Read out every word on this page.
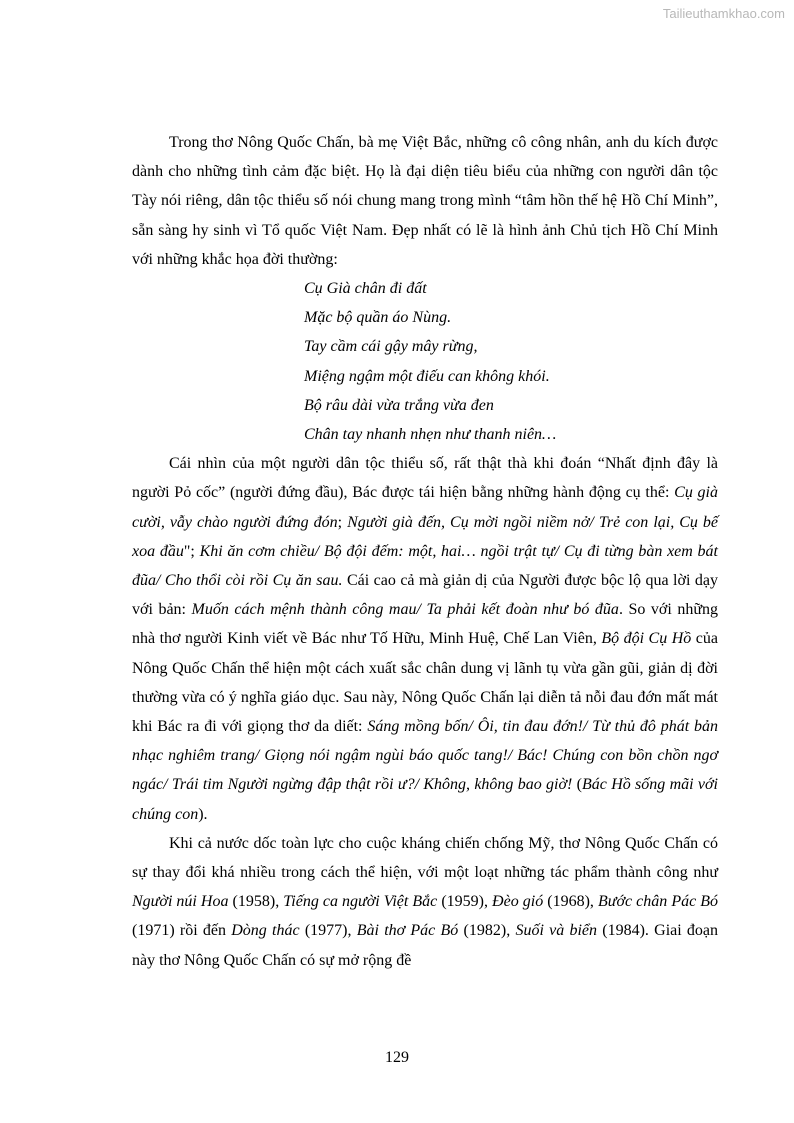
Tailieuthamkhao.com

Trong thơ Nông Quốc Chấn, bà mẹ Việt Bắc, những cô công nhân, anh du kích được dành cho những tình cảm đặc biệt. Họ là đại diện tiêu biểu của những con người dân tộc Tày nói riêng, dân tộc thiểu số nói chung mang trong mình “tâm hồn thế hệ Hồ Chí Minh”, sẵn sàng hy sinh vì Tổ quốc Việt Nam. Đẹp nhất có lẽ là hình ảnh Chủ tịch Hồ Chí Minh với những khắc họa đời thường:

Cụ Già chân đi đất
Mặc bộ quần áo Nùng.
Tay cầm cái gậy mây rừng,
Miệng ngậm một điếu can không khói.
Bộ râu dài vừa trắng vừa đen
Chân tay nhanh nhẹn như thanh niên…

Cái nhìn của một người dân tộc thiểu số, rất thật thà khi đoán “Nhất định đây là người Pỏ cốc” (người đứng đầu), Bác được tái hiện bằng những hành động cụ thể: Cụ già cười, vẫy chào người đứng đón; Người già đến, Cụ mời ngồi niềm nở/ Trẻ con lại, Cụ bế xoa đầu"; Khi ăn cơm chiều/ Bộ đội đếm: một, hai… ngồi trật tự/ Cụ đi từng bàn xem bát đũa/ Cho thổi còi rồi Cụ ăn sau. Cái cao cả mà giản dị của Người được bộc lộ qua lời dạy với bản: Muốn cách mệnh thành công mau/ Ta phải kết đoàn như bó đũa. So với những nhà thơ người Kinh viết về Bác như Tố Hữu, Minh Huệ, Chế Lan Viên, Bộ đội Cụ Hồ của Nông Quốc Chấn thể hiện một cách xuất sắc chân dung vị lãnh tụ vừa gần gũi, giản dị đời thường vừa có ý nghĩa giáo dục. Sau này, Nông Quốc Chấn lại diễn tả nỗi đau đớn mất mát khi Bác ra đi với giọng thơ da diết: Sáng mồng bốn/ Ôi, tin đau đớn!/ Từ thủ đô phát bản nhạc nghiêm trang/ Giọng nói ngậm ngùi báo quốc tang!/ Bác! Chúng con bồn chồn ngơ ngác/ Trái tim Người ngừng đập thật rồi ư?/ Không, không bao giờ! (Bác Hồ sống mãi với chúng con).

Khi cả nước dốc toàn lực cho cuộc kháng chiến chống Mỹ, thơ Nông Quốc Chấn có sự thay đổi khá nhiều trong cách thể hiện, với một loạt những tác phẩm thành công như Người núi Hoa (1958), Tiếng ca người Việt Bắc (1959), Đèo gió (1968), Bước chân Pác Bó (1971) rồi đến Dòng thác (1977), Bài thơ Pác Bó (1982), Suối và biển (1984). Giai đoạn này thơ Nông Quốc Chấn có sự mở rộng đề

129
